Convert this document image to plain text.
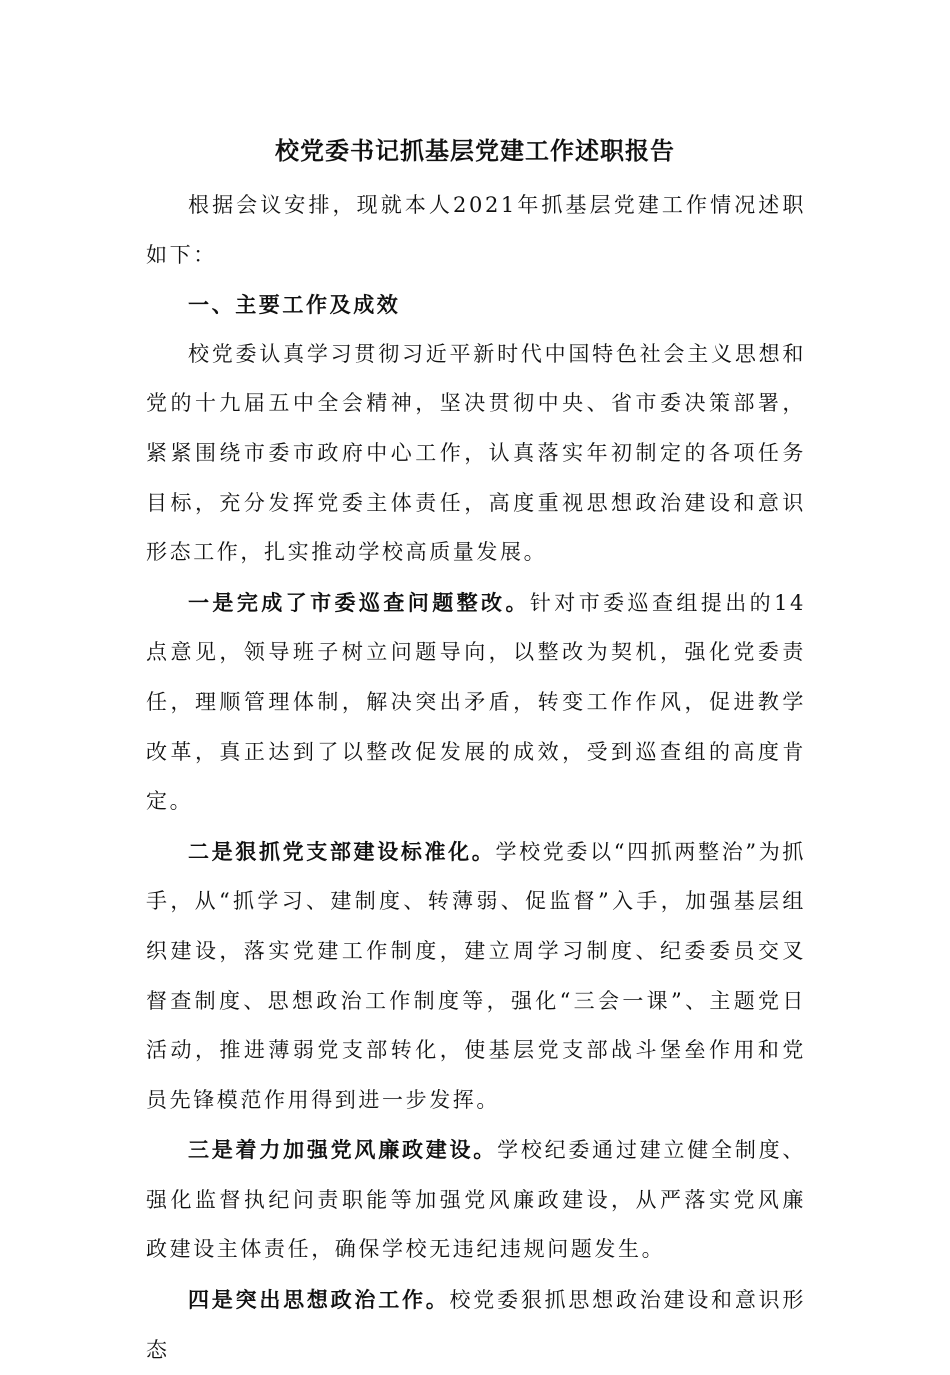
校党委书记抓基层党建工作述职报告

根据会议安排，现就本人2021年抓基层党建工作情况述职如下：

一、主要工作及成效

校党委认真学习贯彻习近平新时代中国特色社会主义思想和党的十九届五中全会精神，坚决贯彻中央、省市委决策部署，紧紧围绕市委市政府中心工作，认真落实年初制定的各项任务目标，充分发挥党委主体责任，高度重视思想政治建设和意识形态工作，扎实推动学校高质量发展。

一是完成了市委巡查问题整改。针对市委巡查组提出的14点意见，领导班子树立问题导向，以整改为契机，强化党委责任，理顺管理体制，解决突出矛盾，转变工作作风，促进教学改革，真正达到了以整改促发展的成效，受到巡查组的高度肯定。

二是狠抓党支部建设标准化。学校党委以“四抓两整治”为抓手，从“抓学习、建制度、转薄弱、促监督”入手，加强基层组织建设，落实党建工作制度，建立周学习制度、纪委委员交叉督查制度、思想政治工作制度等，强化“三会一课”、主题党日活动，推进薄弱党支部转化，使基层党支部战斗堡垒作用和党员先锋模范作用得到进一步发挥。

三是着力加强党风廉政建设。学校纪委通过建立健全制度、强化监督执纪问责职能等加强党风廉政建设，从严落实党风廉政建设主体责任，确保学校无违纪违规问题发生。

四是突出思想政治工作。校党委狠抓思想政治建设和意识形态
